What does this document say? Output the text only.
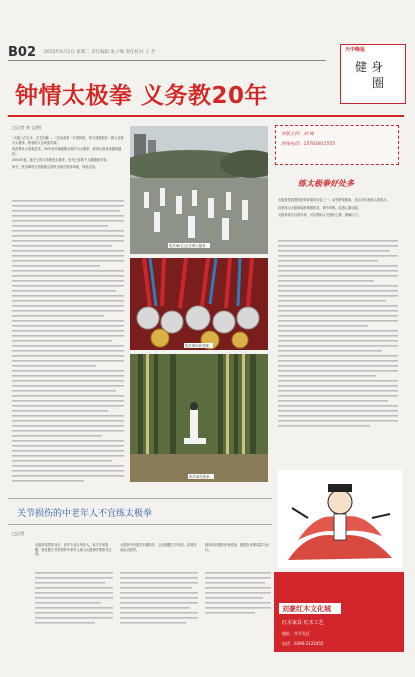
B02 2015年6月2日 星期二 责任编辑 张子峰 责任校对 王 芳	天中晚报
健 身
圈
钟情太极拳 义务教20年
□记者 李 文/图

“太极八法五步、左右回旋……”在汝南县一片树林里，每天清晨都有一群人在练习太极拳。教拳的人名叫张洪翠。

张洪翠从小喜欢武术，20年前开始跟随名师学习太极拳，练拳让她身体越来越好。

2004年起，她在公园义务教授太极拳，至今已有数千人跟随她学拳。

如今，张洪翠每天清晨都会准时出现在练拳场地，风雨无阻。

张洪翠(右)正在教太极拳。
张洪翠所获奖牌。
张洪翠在练拳。
本版主持：刘 峰
热线电话：15703911555
练太极拳好处多

太极拳是我国传统体育健身项目之一，动作舒缓柔和，适合各年龄段人群练习。

经常练习太极拳能够增强体质，调节呼吸，改善心肺功能。

太极拳讲究以意导体，可以帮助人们放松心情、缓解压力。

关节损伤的中老年人不宜练太极拳
□记者

太极拳虽然好处多，但并不适合所有人。有关专家提醒，患有膝关节损伤的中老年人练习太极拳时要格外注意。

太极拳中有很多半蹲动作，会加重膝关节负担，容易造成运动损伤。

练拳前应做好热身准备，根据自身情况量力而行。

刘豪红木文化城
红木家具 红木工艺
地址：市开发区
电话：0396-2122455
